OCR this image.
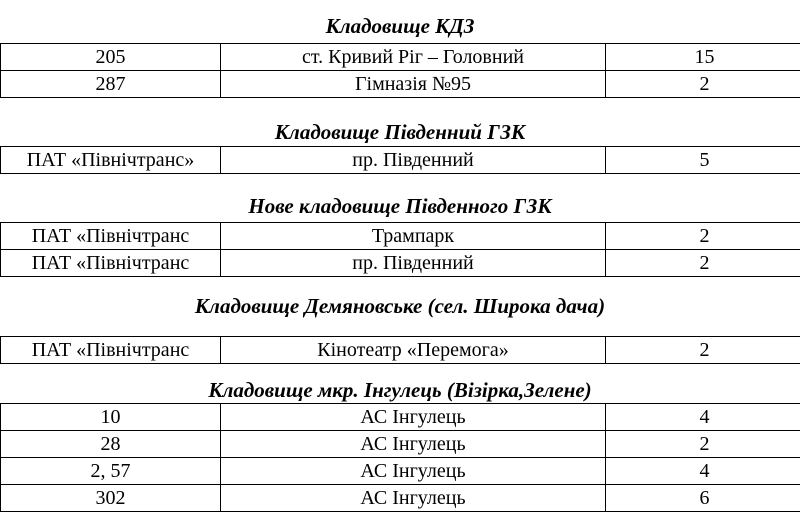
Кладовище КДЗ
205	ст. Кривий Ріг – Головний	15
287	Гімназія №95	2
Кладовище Південний ГЗК
ПАТ «Північтранс»	пр. Південний	5
Нове кладовище Південного ГЗК
ПАТ «Північтранс	Трампарк	2
ПАТ «Північтранс	пр. Південний	2
Кладовище Демяновське (сел. Широка дача)
ПАТ «Північтранс	Кінотеатр «Перемога»	2
Кладовище мкр. Інгулець (Візірка,Зелене)
10	АС Інгулець	4
28	АС Інгулець	2
2, 57	АС Інгулець	4
302	АС Інгулець	6
